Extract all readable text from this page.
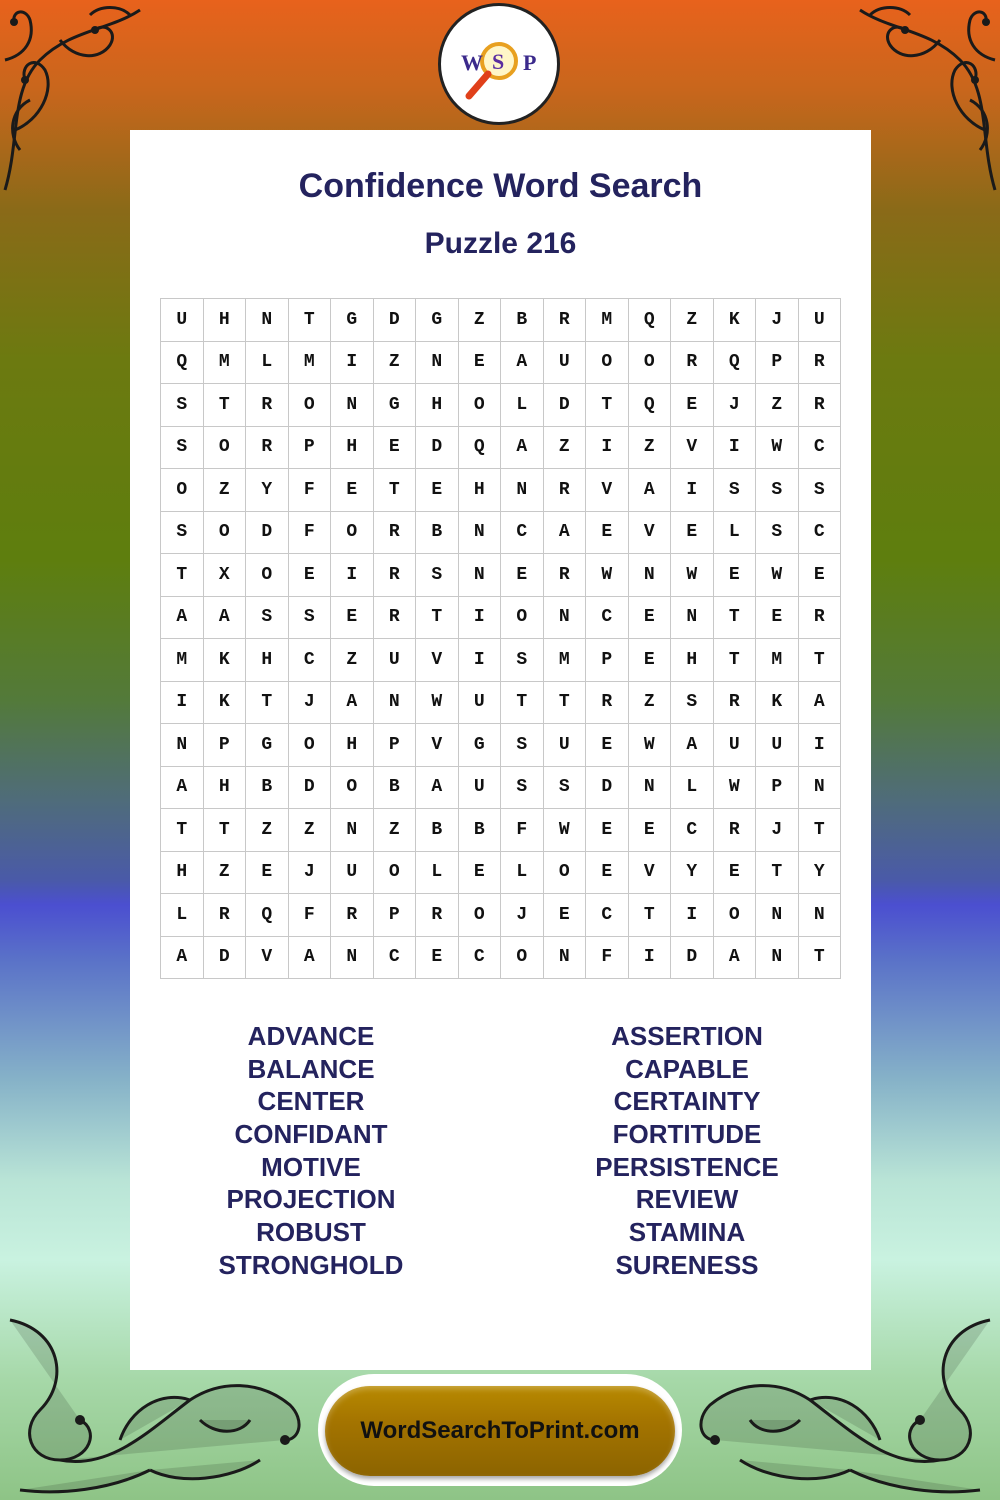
W S P
Confidence Word Search
Puzzle 216
U	H	N	T	G	D	G	Z	B	R	M	Q	Z	K	J	U
Q	M	L	M	I	Z	N	E	A	U	O	O	R	Q	P	R
S	T	R	O	N	G	H	O	L	D	T	Q	E	J	Z	R
S	O	R	P	H	E	D	Q	A	Z	I	Z	V	I	W	C
O	Z	Y	F	E	T	E	H	N	R	V	A	I	S	S	S
S	O	D	F	O	R	B	N	C	A	E	V	E	L	S	C
T	X	O	E	I	R	S	N	E	R	W	N	W	E	W	E
A	A	S	S	E	R	T	I	O	N	C	E	N	T	E	R
M	K	H	C	Z	U	V	I	S	M	P	E	H	T	M	T
I	K	T	J	A	N	W	U	T	T	R	Z	S	R	K	A
N	P	G	O	H	P	V	G	S	U	E	W	A	U	U	I
A	H	B	D	O	B	A	U	S	S	D	N	L	W	P	N
T	T	Z	Z	N	Z	B	B	F	W	E	E	C	R	J	T
H	Z	E	J	U	O	L	E	L	O	E	V	Y	E	T	Y
L	R	Q	F	R	P	R	O	J	E	C	T	I	O	N	N
A	D	V	A	N	C	E	C	O	N	F	I	D	A	N	T
ADVANCE
BALANCE
CENTER
CONFIDANT
MOTIVE
PROJECTION
ROBUST
STRONGHOLD
ASSERTION
CAPABLE
CERTAINTY
FORTITUDE
PERSISTENCE
REVIEW
STAMINA
SURENESS
WordSearchToPrint.com
